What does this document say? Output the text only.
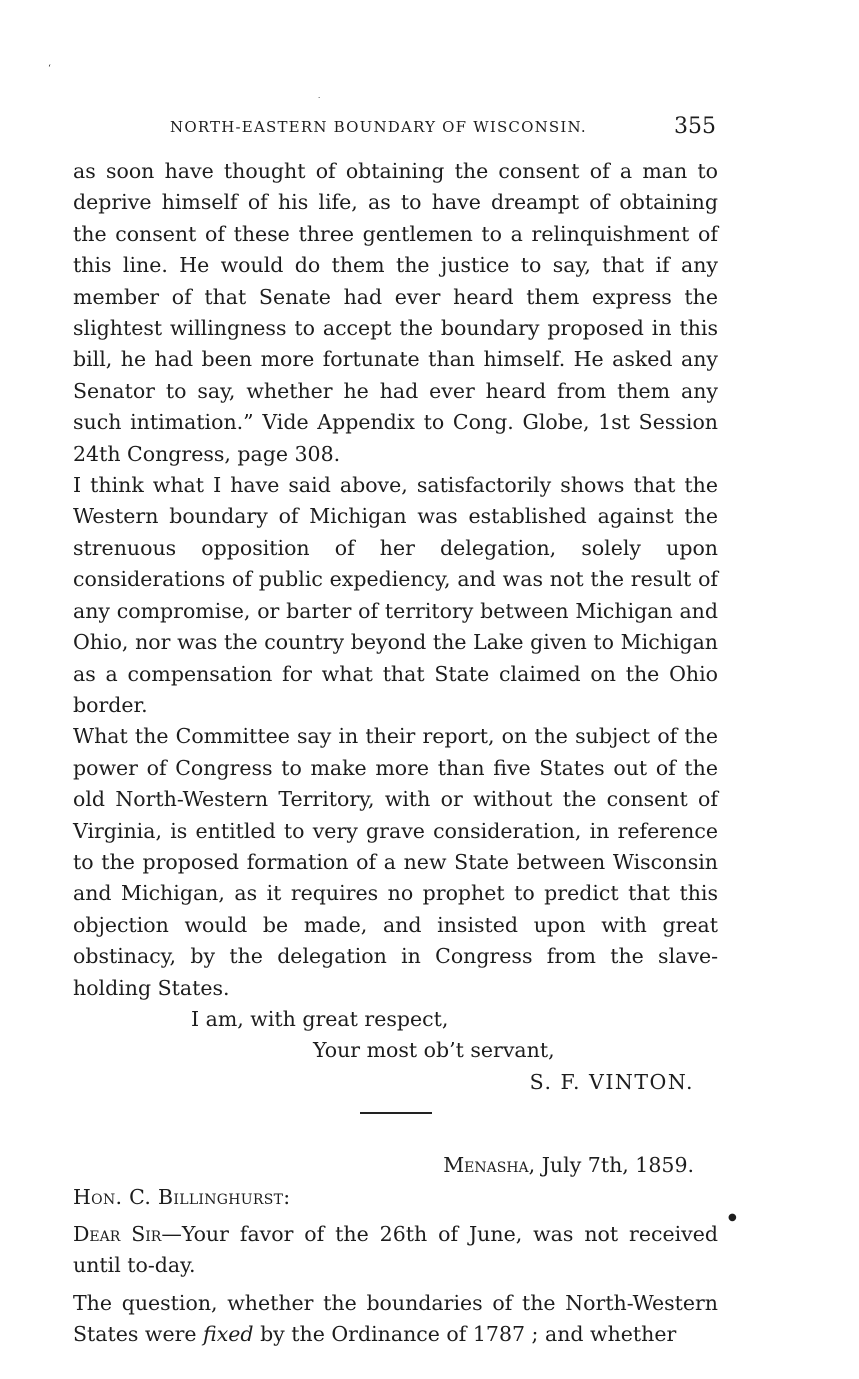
‘
.
NORTH-EASTERN BOUNDARY OF WISCONSIN.	355

as soon have thought of obtaining the consent of a man to deprive himself of his life, as to have dreampt of obtaining the consent of these three gentlemen to a relinquishment of this line. He would do them the justice to say, that if any member of that Senate had ever heard them express the slightest willingness to accept the boundary proposed in this bill, he had been more fortunate than himself. He asked any Senator to say, whether he had ever heard from them any such intimation.” Vide Appendix to Cong. Globe, 1st Session 24th Congress, page 308.

I think what I have said above, satisfactorily shows that the Western boundary of Michigan was established against the strenuous opposition of her delegation, solely upon considerations of public expediency, and was not the result of any compromise, or barter of territory between Michigan and Ohio, nor was the country beyond the Lake given to Michigan as a compensation for what that State claimed on the Ohio border.

What the Committee say in their report, on the subject of the power of Congress to make more than five States out of the old North-Western Territory, with or without the consent of Virginia, is entitled to very grave consideration, in reference to the proposed formation of a new State between Wisconsin and Michigan, as it requires no prophet to predict that this objection would be made, and insisted upon with great obstinacy, by the delegation in Congress from the slave-holding States.

I am, with great respect,

Your most ob’t servant,

S. F. VINTON.

Menasha, July 7th, 1859.

Hon. C. Billinghurst:

Dear Sir—Your favor of the 26th of June, was not received until to-day.

The question, whether the boundaries of the North-Western States were fixed by the Ordinance of 1787 ; and whether

●
